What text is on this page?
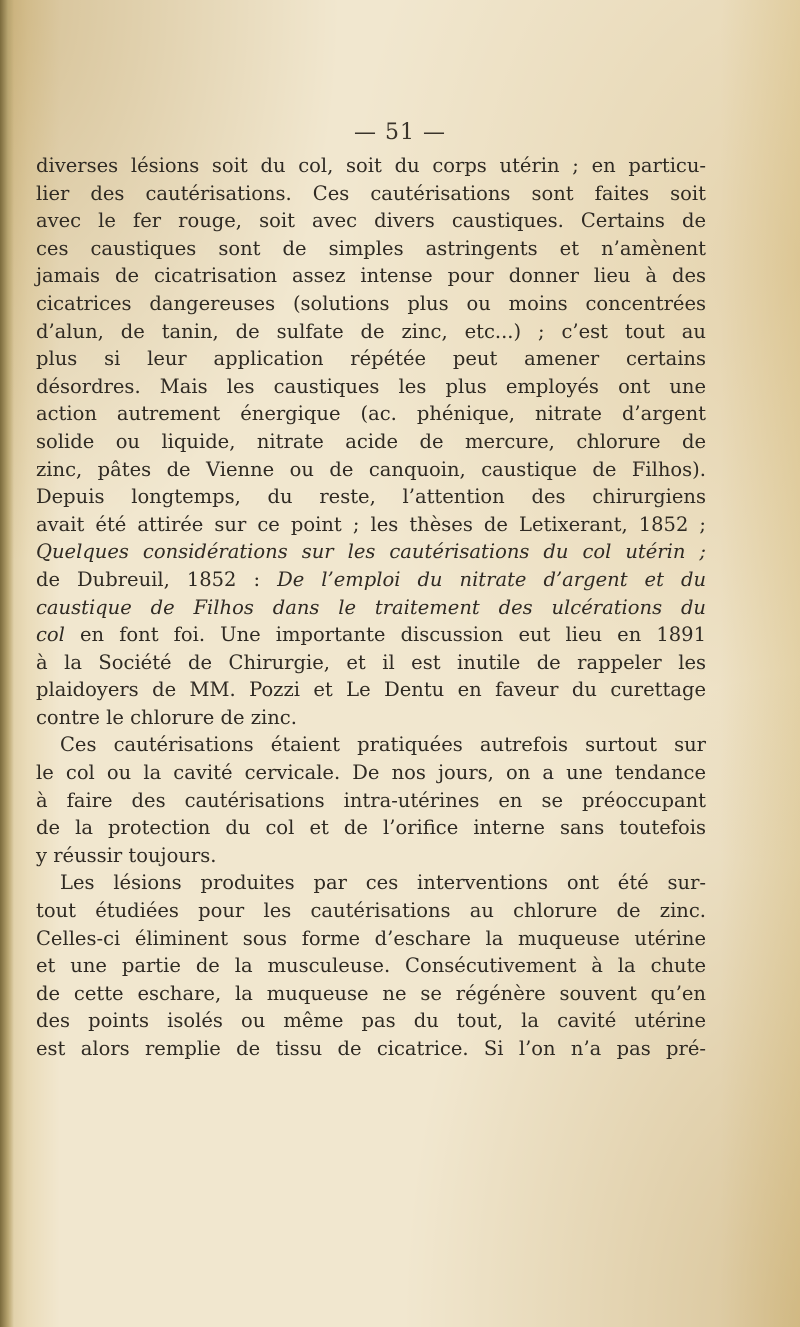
— 51 —
diverses lésions soit du col, soit du corps utérin ; en particu-
lier des cautérisations. Ces cautérisations sont faites soit
avec le fer rouge, soit avec divers caustiques. Certains de
ces caustiques sont de simples astringents et n’amènent
jamais de cicatrisation assez intense pour donner lieu à des
cicatrices dangereuses (solutions plus ou moins concentrées
d’alun, de tanin, de sulfate de zinc, etc...) ; c’est tout au
plus si leur application répétée peut amener certains
désordres. Mais les caustiques les plus employés ont une
action autrement énergique (ac. phénique, nitrate d’argent
solide ou liquide, nitrate acide de mercure, chlorure de
zinc, pâtes de Vienne ou de canquoin, caustique de Filhos).
Depuis longtemps, du reste, l’attention des chirurgiens
avait été attirée sur ce point ; les thèses de Letixerant, 1852 ;
Quelques considérations sur les cautérisations du col utérin ;
de Dubreuil, 1852 : De l’emploi du nitrate d’argent et du
caustique de Filhos dans le traitement des ulcérations du
col en font foi. Une importante discussion eut lieu en 1891
à la Société de Chirurgie, et il est inutile de rappeler les
plaidoyers de MM. Pozzi et Le Dentu en faveur du curettage
contre le chlorure de zinc.
Ces cautérisations étaient pratiquées autrefois surtout sur
le col ou la cavité cervicale. De nos jours, on a une tendance
à faire des cautérisations intra-utérines en se préoccupant
de la protection du col et de l’orifice interne sans toutefois
y réussir toujours.
Les lésions produites par ces interventions ont été sur-
tout étudiées pour les cautérisations au chlorure de zinc.
Celles-ci éliminent sous forme d’eschare la muqueuse utérine
et une partie de la musculeuse. Consécutivement à la chute
de cette eschare, la muqueuse ne se régénère souvent qu’en
des points isolés ou même pas du tout, la cavité utérine
est alors remplie de tissu de cicatrice. Si l’on n’a pas pré-
